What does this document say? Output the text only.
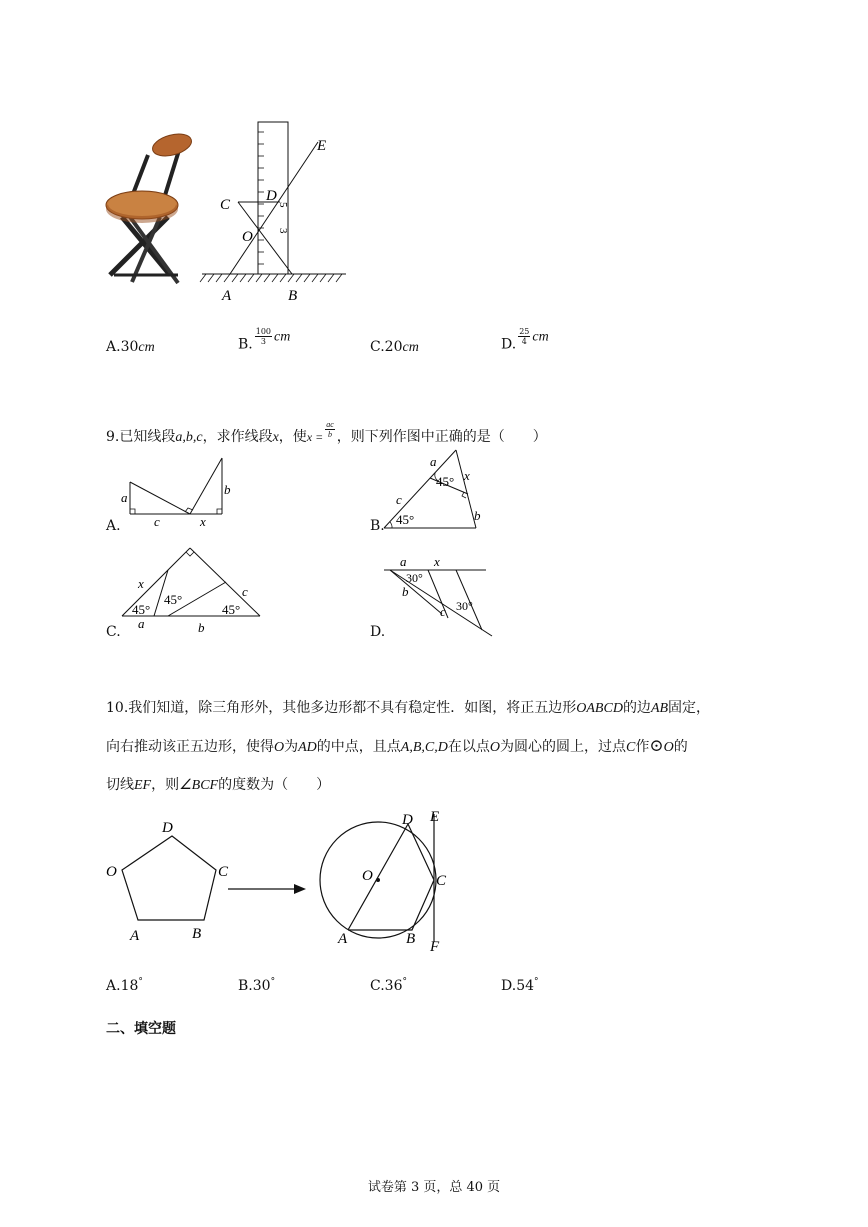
E
C
D
O
A	B
5
3
A.30cm	B. $\frac{100}{3}$ cm
C.20cm	D. $\frac{25}{4}$ cm
9.已知线段a,b,c，求作线段x，使$x = \frac{ac}{b}$ ，则下列作图中正确的是（　　）
A.
a
c	x
b
B.
a
x
45°
c
45°	b
C.
x
45°
45°	45°
c
a	b	D.
a x
30°
b
c 30°
10.我们知道，除三角形外，其他多边形都不具有稳定性．如图，将正五边形OABCD的边AB固定，
向右推动该正五边形，使得O为AD的中点，且点A,B,C,D在以点O为圆心的圆上，过点C作⊙O的
切线EF，则∠BCF的度数为（　　）
D
O	C
A	B
D E
O	C
A	B F
A.18°	B.30°	C.36°	D.54°
二、填空题
试卷第 3 页，总 40 页
